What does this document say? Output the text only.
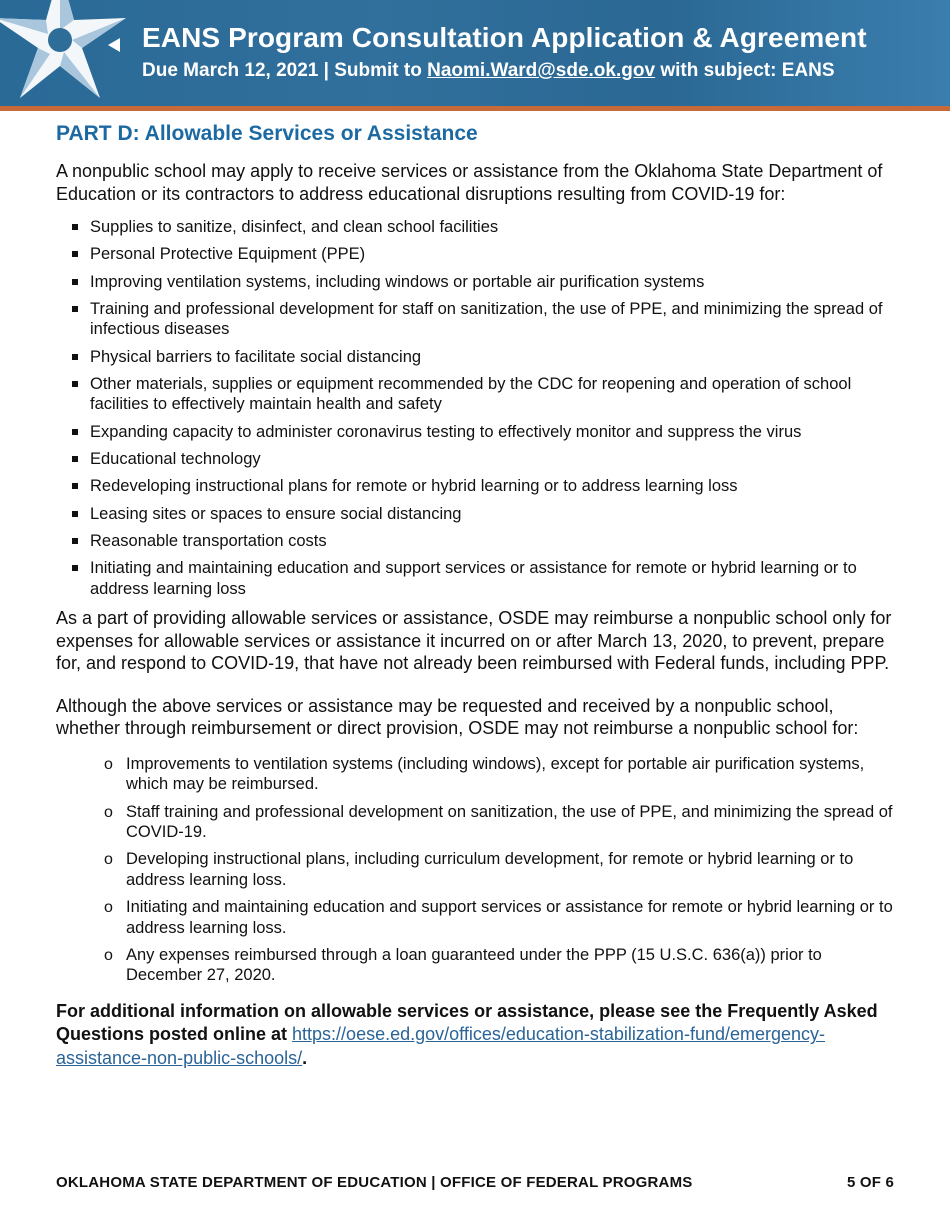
EANS Program Consultation Application & Agreement
Due March 12, 2021 | Submit to Naomi.Ward@sde.ok.gov with subject: EANS
PART D: Allowable Services or Assistance

A nonpublic school may apply to receive services or assistance from the Oklahoma State Department of Education or its contractors to address educational disruptions resulting from COVID-19 for:

Supplies to sanitize, disinfect, and clean school facilities
Personal Protective Equipment (PPE)
Improving ventilation systems, including windows or portable air purification systems
Training and professional development for staff on sanitization, the use of PPE, and minimizing the spread of infectious diseases
Physical barriers to facilitate social distancing
Other materials, supplies or equipment recommended by the CDC for reopening and operation of school facilities to effectively maintain health and safety
Expanding capacity to administer coronavirus testing to effectively monitor and suppress the virus
Educational technology
Redeveloping instructional plans for remote or hybrid learning or to address learning loss
Leasing sites or spaces to ensure social distancing
Reasonable transportation costs
Initiating and maintaining education and support services or assistance for remote or hybrid learning or to address learning loss

As a part of providing allowable services or assistance, OSDE may reimburse a nonpublic school only for expenses for allowable services or assistance it incurred on or after March 13, 2020, to prevent, prepare for, and respond to COVID-19, that have not already been reimbursed with Federal funds, including PPP.

Although the above services or assistance may be requested and received by a nonpublic school, whether through reimbursement or direct provision, OSDE may not reimburse a nonpublic school for:

o Improvements to ventilation systems (including windows), except for portable air purification systems, which may be reimbursed.
o Staff training and professional development on sanitization, the use of PPE, and minimizing the spread of COVID-19.
o Developing instructional plans, including curriculum development, for remote or hybrid learning or to address learning loss.
o Initiating and maintaining education and support services or assistance for remote or hybrid learning or to address learning loss.
o Any expenses reimbursed through a loan guaranteed under the PPP (15 U.S.C. 636(a)) prior to December 27, 2020.

For additional information on allowable services or assistance, please see the Frequently Asked Questions posted online at https://oese.ed.gov/offices/education-stabilization-fund/emergency-assistance-non-public-schools/.

OKLAHOMA STATE DEPARTMENT OF EDUCATION | OFFICE OF FEDERAL PROGRAMS	5 OF 6
